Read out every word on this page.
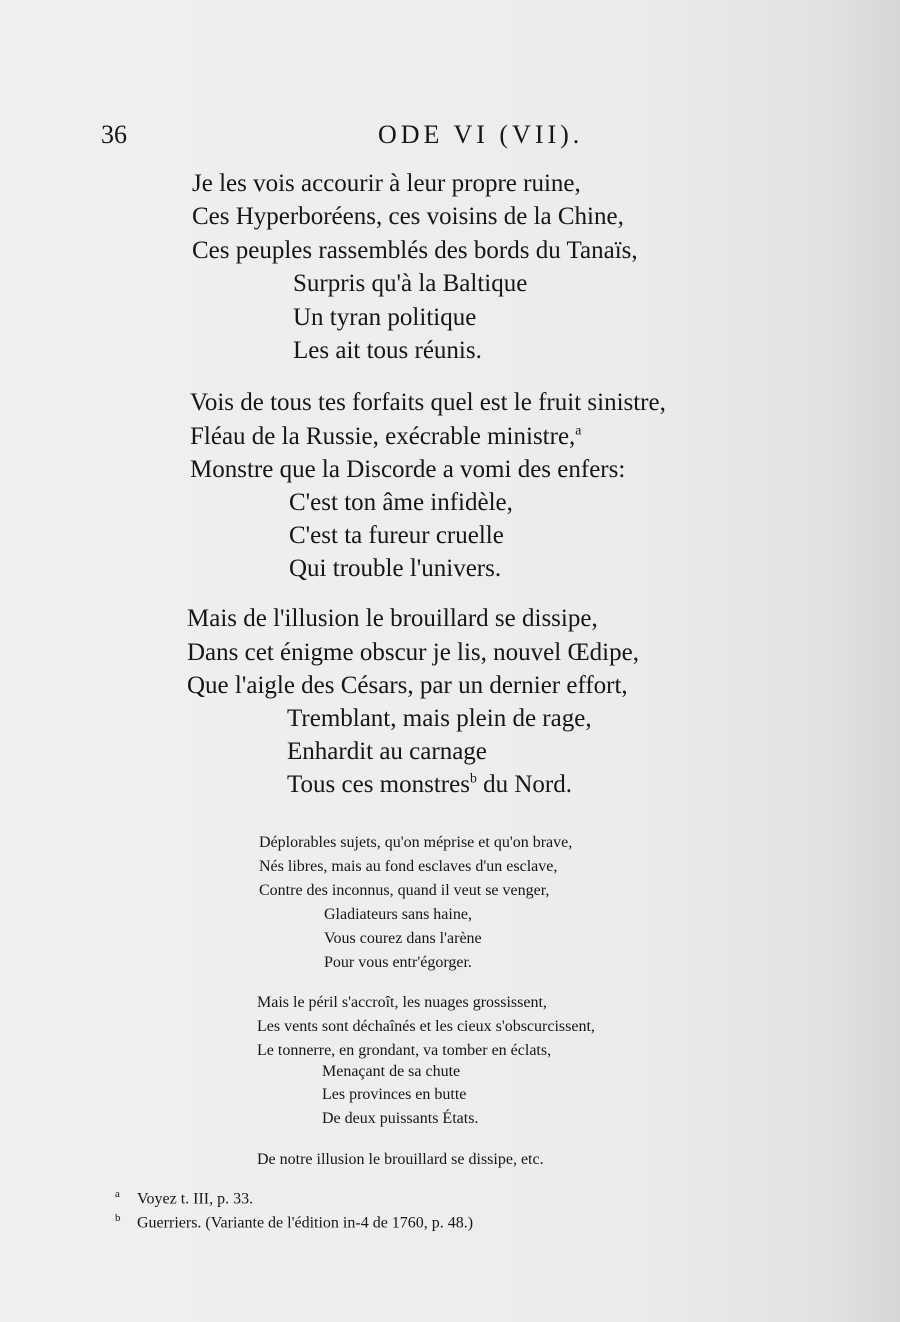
36	ODE VI (VII).
Je les vois accourir à leur propre ruine,
Ces Hyperboréens, ces voisins de la Chine,
Ces peuples rassemblés des bords du Tanaïs,
Surpris qu'à la Baltique
Un tyran politique
Les ait tous réunis.
Vois de tous tes forfaits quel est le fruit sinistre,
Fléau de la Russie, exécrable ministre,$^a$
Monstre que la Discorde a vomi des enfers:
C'est ton âme infidèle,
C'est ta fureur cruelle
Qui trouble l'univers.
Mais de l'illusion le brouillard se dissipe,
Dans cet énigme obscur je lis, nouvel Œdipe,
Que l'aigle des Césars, par un dernier effort,
Tremblant, mais plein de rage,
Enhardit au carnage
Tous ces monstres$^b$ du Nord.
Déplorables sujets, qu'on méprise et qu'on brave,
Nés libres, mais au fond esclaves d'un esclave,
Contre des inconnus, quand il veut se venger,
Gladiateurs sans haine,
Vous courez dans l'arène
Pour vous entr'égorger.
Mais le péril s'accroît, les nuages grossissent,
Les vents sont déchaînés et les cieux s'obscurcissent,
Le tonnerre, en grondant, va tomber en éclats,
Menaçant de sa chute
Les provinces en butte
De deux puissants États.
De notre illusion le brouillard se dissipe, etc.
a Voyez t. III, p. 33.
b Guerriers. (Variante de l'édition in-4 de 1760, p. 48.)
